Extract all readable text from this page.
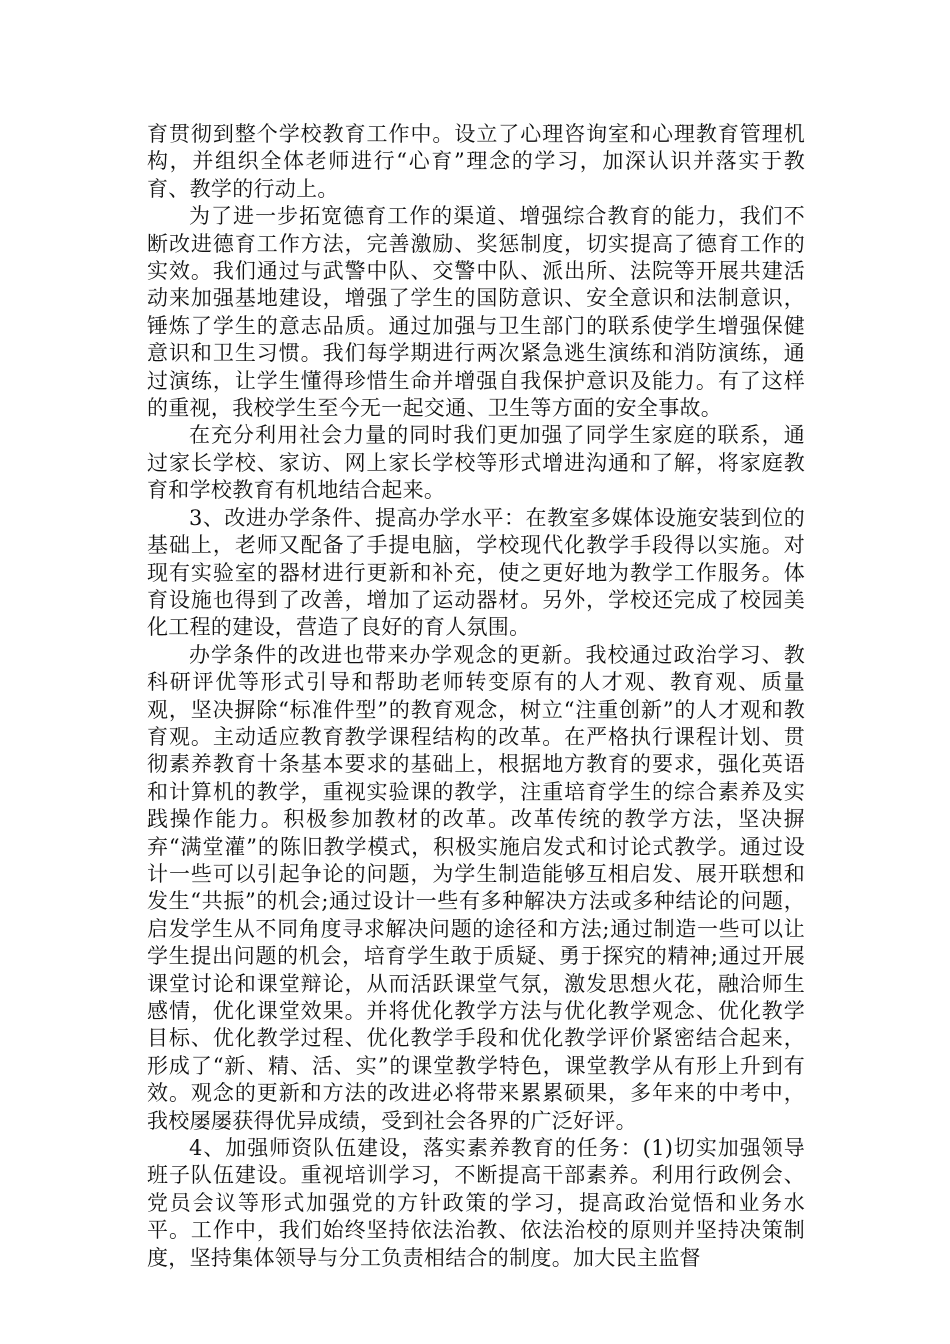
育贯彻到整个学校教育工作中。设立了心理咨询室和心理教育管理机构，并组织全体老师进行“心育”理念的学习，加深认识并落实于教育、教学的行动上。

为了进一步拓宽德育工作的渠道、增强综合教育的能力，我们不断改进德育工作方法，完善激励、奖惩制度，切实提高了德育工作的实效。我们通过与武警中队、交警中队、派出所、法院等开展共建活动来加强基地建设，增强了学生的国防意识、安全意识和法制意识，锤炼了学生的意志品质。通过加强与卫生部门的联系使学生增强保健意识和卫生习惯。我们每学期进行两次紧急逃生演练和消防演练，通过演练，让学生懂得珍惜生命并增强自我保护意识及能力。有了这样的重视，我校学生至今无一起交通、卫生等方面的安全事故。

在充分利用社会力量的同时我们更加强了同学生家庭的联系，通过家长学校、家访、网上家长学校等形式增进沟通和了解，将家庭教育和学校教育有机地结合起来。

3、改进办学条件、提高办学水平：在教室多媒体设施安装到位的基础上，老师又配备了手提电脑，学校现代化教学手段得以实施。对现有实验室的器材进行更新和补充，使之更好地为教学工作服务。体育设施也得到了改善，增加了运动器材。另外，学校还完成了校园美化工程的建设，营造了良好的育人氛围。

办学条件的改进也带来办学观念的更新。我校通过政治学习、教科研评优等形式引导和帮助老师转变原有的人才观、教育观、质量观，坚决摒除“标准件型”的教育观念，树立“注重创新”的人才观和教育观。主动适应教育教学课程结构的改革。在严格执行课程计划、贯彻素养教育十条基本要求的基础上，根据地方教育的要求，强化英语和计算机的教学，重视实验课的教学，注重培育学生的综合素养及实践操作能力。积极参加教材的改革。改革传统的教学方法，坚决摒弃“满堂灌”的陈旧教学模式，积极实施启发式和讨论式教学。通过设计一些可以引起争论的问题，为学生制造能够互相启发、展开联想和发生“共振”的机会;通过设计一些有多种解决方法或多种结论的问题，启发学生从不同角度寻求解决问题的途径和方法;通过制造一些可以让学生提出问题的机会，培育学生敢于质疑、勇于探究的精神;通过开展课堂讨论和课堂辩论，从而活跃课堂气氛，激发思想火花，融洽师生感情，优化课堂效果。并将优化教学方法与优化教学观念、优化教学目标、优化教学过程、优化教学手段和优化教学评价紧密结合起来，形成了“新、精、活、实”的课堂教学特色，课堂教学从有形上升到有效。观念的更新和方法的改进必将带来累累硕果，多年来的中考中，我校屡屡获得优异成绩，受到社会各界的广泛好评。

4、加强师资队伍建设，落实素养教育的任务：(1)切实加强领导班子队伍建设。重视培训学习，不断提高干部素养。利用行政例会、党员会议等形式加强党的方针政策的学习，提高政治觉悟和业务水平。工作中，我们始终坚持依法治教、依法治校的原则并坚持决策制度，坚持集体领导与分工负责相结合的制度。加大民主监督
